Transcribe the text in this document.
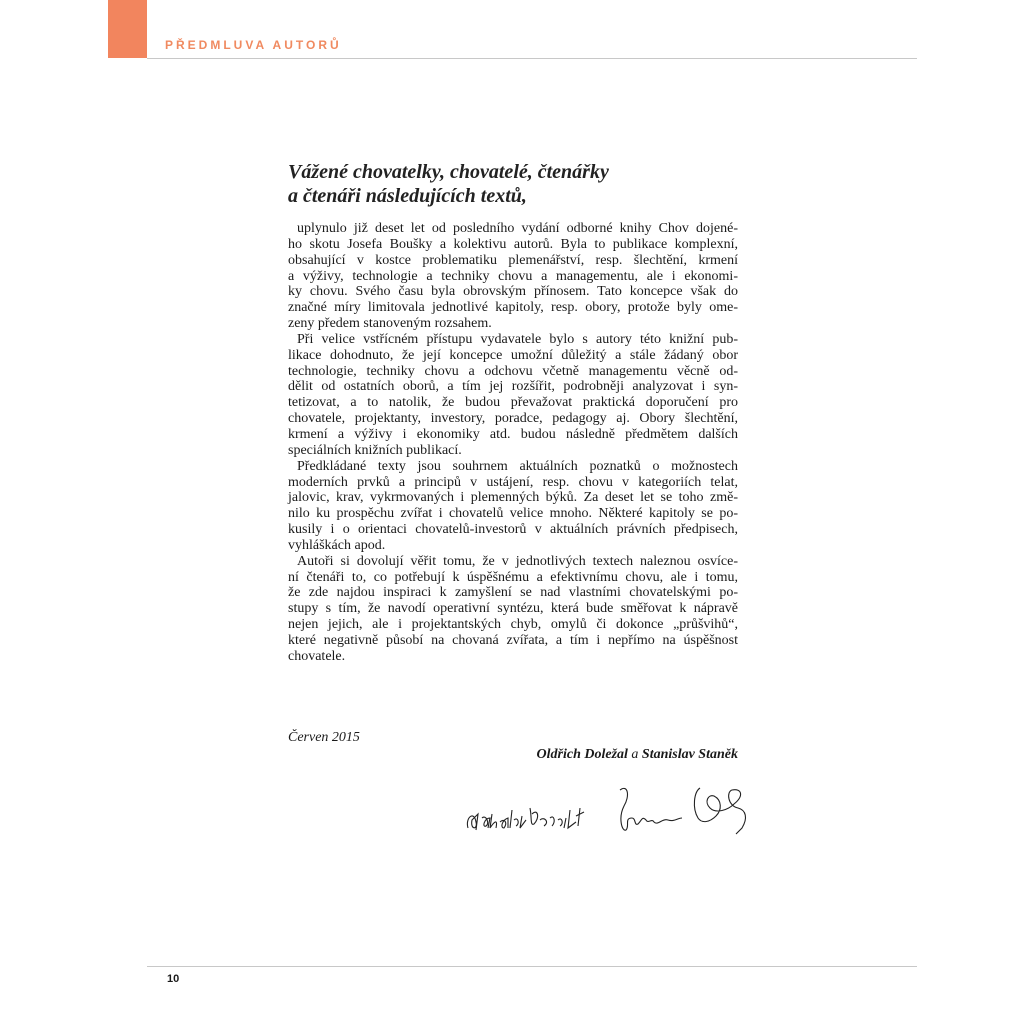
PŘEDMLUVA AUTORŮ
Vážené chovatelky, chovatelé, čtenářky
a čtenáři následujících textů,
uplynulo již deset let od posledního vydání odborné knihy Chov dojené-
ho skotu Josefa Boušky a kolektivu autorů. Byla to publikace komplexní,
obsahující v kostce problematiku plemenářství, resp. šlechtění, krmení
a výživy, technologie a techniky chovu a managementu, ale i ekonomi-
ky chovu. Svého času byla obrovským přínosem. Tato koncepce však do
značné míry limitovala jednotlivé kapitoly, resp. obory, protože byly ome-
zeny předem stanoveným rozsahem.
Při velice vstřícném přístupu vydavatele bylo s autory této knižní pub-
likace dohodnuto, že její koncepce umožní důležitý a stále žádaný obor
technologie, techniky chovu a odchovu včetně managementu věcně od-
dělit od ostatních oborů, a tím jej rozšířit, podrobněji analyzovat i syn-
tetizovat, a to natolik, že budou převažovat praktická doporučení pro
chovatele, projektanty, investory, poradce, pedagogy aj. Obory šlechtění,
krmení a výživy i ekonomiky atd. budou následně předmětem dalších
speciálních knižních publikací.
Předkládané texty jsou souhrnem aktuálních poznatků o možnostech
moderních prvků a principů v ustájení, resp. chovu v kategoriích telat,
jalovic, krav, vykrmovaných i plemenných býků. Za deset let se toho změ-
nilo ku prospěchu zvířat i chovatelů velice mnoho. Některé kapitoly se po-
kusily i o orientaci chovatelů-investorů v aktuálních právních předpisech,
vyhláškách apod.
Autoři si dovolují věřit tomu, že v jednotlivých textech naleznou osvíce-
ní čtenáři to, co potřebují k úspěšnému a efektivnímu chovu, ale i tomu,
že zde najdou inspiraci k zamyšlení se nad vlastními chovatelskými po-
stupy s tím, že navodí operativní syntézu, která bude směřovat k nápravě
nejen jejich, ale i projektantských chyb, omylů či dokonce „průšvihů“,
které negativně působí na chovaná zvířata, a tím i nepřímo na úspěšnost
chovatele.
Červen 2015
Oldřich Doležal a Stanislav Staněk
10
